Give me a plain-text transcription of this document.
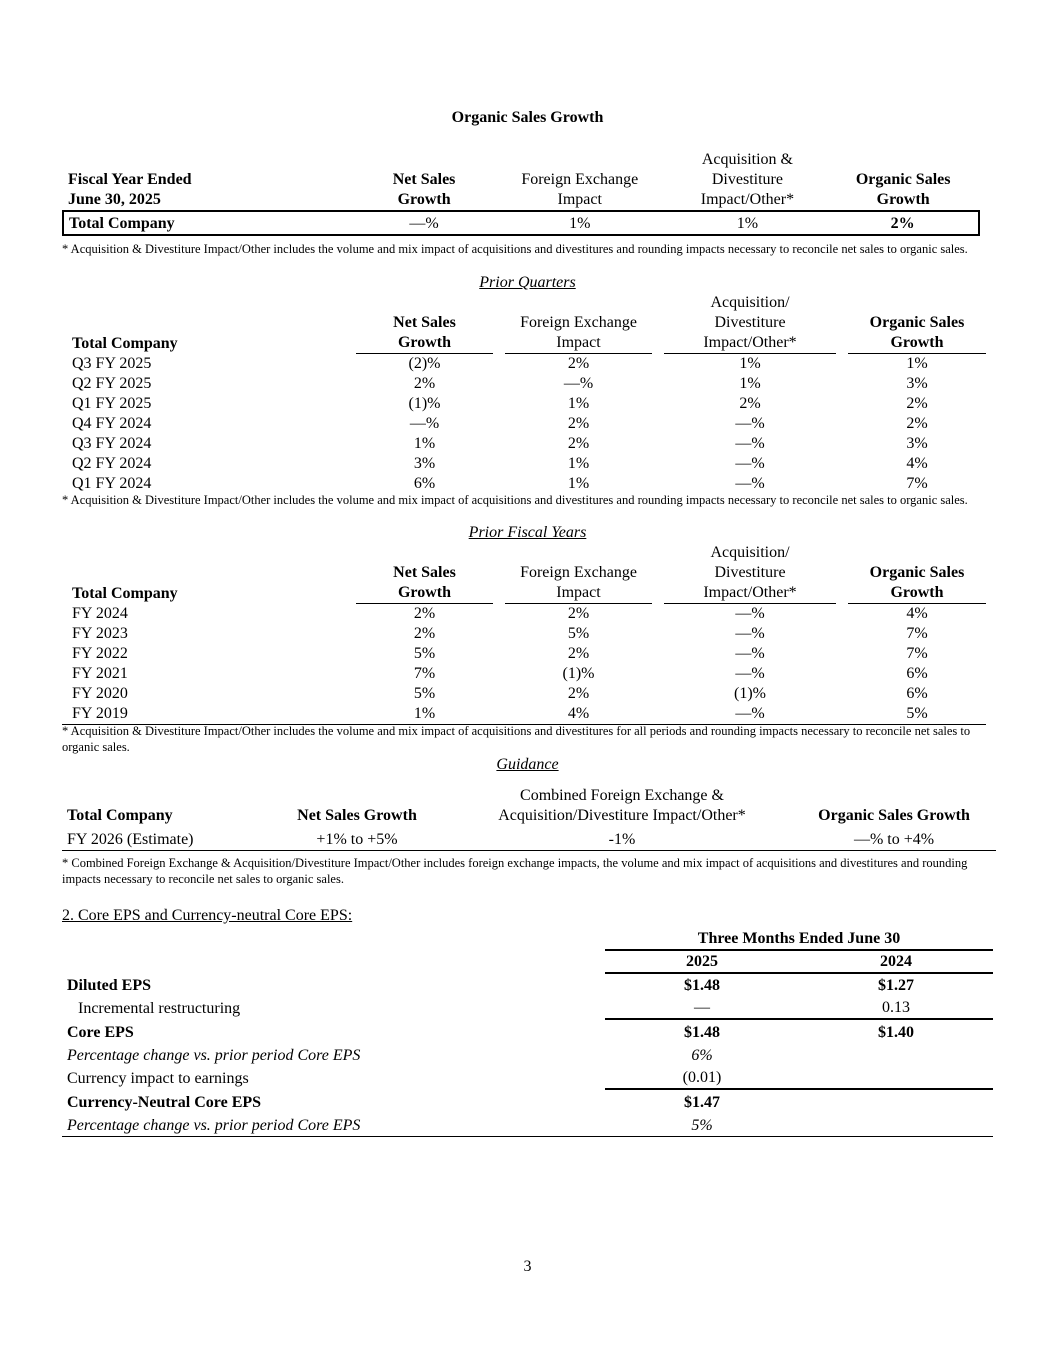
Organic Sales Growth
			Acquisition &	
Fiscal Year Ended	Net Sales	Foreign Exchange	Divestiture	Organic Sales
June 30, 2025	Growth	Impact	Impact/Other*	Growth
Total Company	—%	1%	1%	2%
* Acquisition & Divestiture Impact/Other includes the volume and mix impact of acquisitions and divestitures and rounding impacts necessary to reconcile net sales to organic sales.
Prior Quarters
					Acquisition/		
	Net Sales		Foreign Exchange		Divestiture		Organic Sales
Total Company	Growth		Impact		Impact/Other*		Growth
Q3 FY 2025	(2)%		2%		1%		1%
Q2 FY 2025	2%		—%		1%		3%
Q1 FY 2025	(1)%		1%		2%		2%
Q4 FY 2024	—%		2%		—%		2%
Q3 FY 2024	1%		2%		—%		3%
Q2 FY 2024	3%		1%		—%		4%
Q1 FY 2024	6%		1%		—%		7%
* Acquisition & Divestiture Impact/Other includes the volume and mix impact of acquisitions and divestitures and rounding impacts necessary to reconcile net sales to organic sales.
Prior Fiscal Years
					Acquisition/		
	Net Sales		Foreign Exchange		Divestiture		Organic Sales
Total Company	Growth		Impact		Impact/Other*		Growth
FY 2024	2%		2%		—%		4%
FY 2023	2%		5%		—%		7%
FY 2022	5%		2%		—%		7%
FY 2021	7%		(1)%		—%		6%
FY 2020	5%		2%		(1)%		6%
FY 2019	1%		4%		—%		5%
* Acquisition & Divestiture Impact/Other includes the volume and mix impact of acquisitions and divestitures for all periods and rounding impacts necessary to reconcile net sales to organic sales.
Guidance
		Combined Foreign Exchange &	
Total Company	Net Sales Growth	Acquisition/Divestiture Impact/Other*	Organic Sales Growth
FY 2026 (Estimate)	+1% to +5%	-1%	—% to +4%
* Combined Foreign Exchange & Acquisition/Divestiture Impact/Other includes foreign exchange impacts, the volume and mix impact of acquisitions and divestitures and rounding impacts necessary to reconcile net sales to organic sales.
2. Core EPS and Currency-neutral Core EPS:
	Three Months Ended June 30	
	2025	2024
Diluted EPS	$1.48	$1.27
Incremental restructuring	—	0.13
Core EPS	$1.48	$1.40
Percentage change vs. prior period Core EPS	6%	
Currency impact to earnings	(0.01)	
Currency-Neutral Core EPS	$1.47	
Percentage change vs. prior period Core EPS	5%	
3
